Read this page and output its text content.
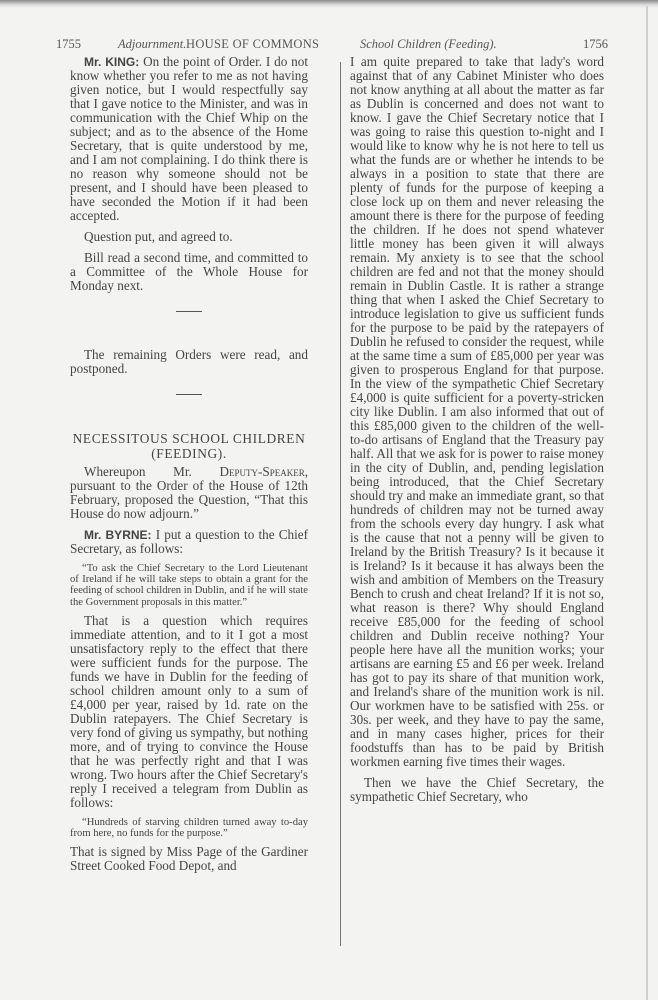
1755	Adjournment. HOUSE OF COMMONS	School Children (Feeding).	1756

Mr. KING: On the point of Order. I do not know whether you refer to me as not having given notice, but I would respectfully say that I gave notice to the Minister, and was in communication with the Chief Whip on the subject; and as to the absence of the Home Secretary, that is quite understood by me, and I am not complaining. I do think there is no reason why someone should not be present, and I should have been pleased to have seconded the Motion if it had been accepted.

Question put, and agreed to.

Bill read a second time, and committed to a Committee of the Whole House for Monday next.

The remaining Orders were read, and postponed.

NECESSITOUS SCHOOL CHILDREN
(FEEDING).

Whereupon Mr. Deputy-Speaker, pursuant to the Order of the House of 12th February, proposed the Question, “That this House do now adjourn.”

Mr. BYRNE: I put a question to the Chief Secretary, as follows:

“To ask the Chief Secretary to the Lord Lieutenant of Ireland if he will take steps to obtain a grant for the feeding of school children in Dublin, and if he will state the Government proposals in this matter.”

That is a question which requires immediate attention, and to it I got a most unsatisfactory reply to the effect that there were sufficient funds for the purpose. The funds we have in Dublin for the feeding of school children amount only to a sum of £4,000 per year, raised by 1d. rate on the Dublin ratepayers. The Chief Secretary is very fond of giving us sympathy, but nothing more, and of trying to convince the House that he was perfectly right and that I was wrong. Two hours after the Chief Secretary's reply I received a telegram from Dublin as follows:

“Hundreds of starving children turned away to-day from here, no funds for the purpose.”

That is signed by Miss Page of the Gardiner Street Cooked Food Depot, and

I am quite prepared to take that lady's word against that of any Cabinet Minister who does not know anything at all about the matter as far as Dublin is concerned and does not want to know. I gave the Chief Secretary notice that I was going to raise this question to-night and I would like to know why he is not here to tell us what the funds are or whether he intends to be always in a position to state that there are plenty of funds for the purpose of keeping a close lock up on them and never releasing the amount there is there for the purpose of feeding the children. If he does not spend whatever little money has been given it will always remain. My anxiety is to see that the school children are fed and not that the money should remain in Dublin Castle. It is rather a strange thing that when I asked the Chief Secretary to introduce legislation to give us sufficient funds for the purpose to be paid by the ratepayers of Dublin he refused to consider the request, while at the same time a sum of £85,000 per year was given to prosperous England for that purpose. In the view of the sympathetic Chief Secretary £4,000 is quite sufficient for a poverty-stricken city like Dublin. I am also informed that out of this £85,000 given to the children of the well-to-do artisans of England that the Treasury pay half. All that we ask for is power to raise money in the city of Dublin, and, pending legislation being introduced, that the Chief Secretary should try and make an immediate grant, so that hundreds of children may not be turned away from the schools every day hungry. I ask what is the cause that not a penny will be given to Ireland by the British Treasury? Is it because it is Ireland? Is it because it has always been the wish and ambition of Members on the Treasury Bench to crush and cheat Ireland? If it is not so, what reason is there? Why should England receive £85,000 for the feeding of school children and Dublin receive nothing? Your people here have all the munition works; your artisans are earning £5 and £6 per week. Ireland has got to pay its share of that munition work, and Ireland's share of the munition work is nil. Our workmen have to be satisfied with 25s. or 30s. per week, and they have to pay the same, and in many cases higher, prices for their foodstuffs than has to be paid by British workmen earning five times their wages.

Then we have the Chief Secretary, the sympathetic Chief Secretary, who
